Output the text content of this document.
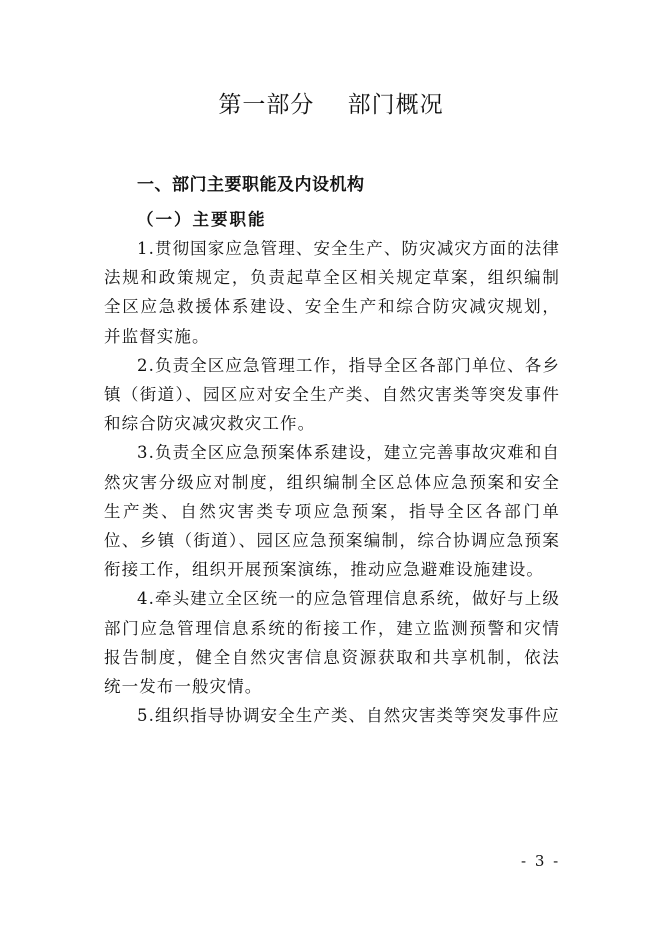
第一部分    部门概况
一、部门主要职能及内设机构
（一）主要职能

1.贯彻国家应急管理、安全生产、防灾减灾方面的法律法规和政策规定，负责起草全区相关规定草案，组织编制全区应急救援体系建设、安全生产和综合防灾减灾规划，并监督实施。

2.负责全区应急管理工作，指导全区各部门单位、各乡镇（街道）、园区应对安全生产类、自然灾害类等突发事件和综合防灾减灾救灾工作。

3.负责全区应急预案体系建设，建立完善事故灾难和自然灾害分级应对制度，组织编制全区总体应急预案和安全生产类、自然灾害类专项应急预案，指导全区各部门单位、乡镇（街道）、园区应急预案编制，综合协调应急预案衔接工作，组织开展预案演练，推动应急避难设施建设。

4.牵头建立全区统一的应急管理信息系统，做好与上级部门应急管理信息系统的衔接工作，建立监测预警和灾情报告制度，健全自然灾害信息资源获取和共享机制，依法统一发布一般灾情。

5.组织指导协调安全生产类、自然灾害类等突发事件应

- 3 -
